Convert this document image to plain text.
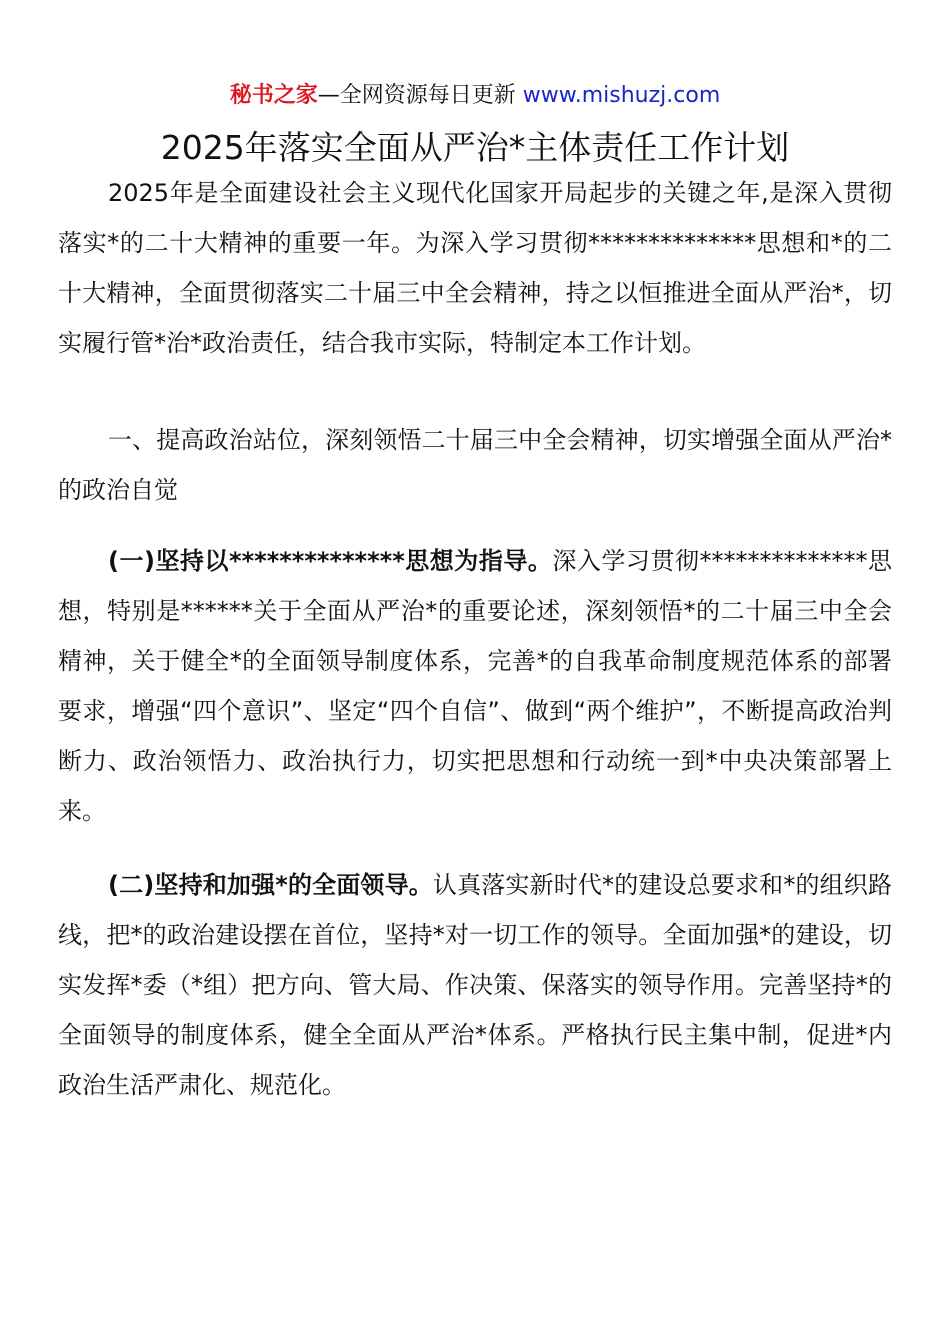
秘书之家—全网资源每日更新 www.mishuzj.com
2025年落实全面从严治*主体责任工作计划

2025年是全面建设社会主义现代化国家开局起步的关键之年,是深入贯彻落实*的二十大精神的重要一年。为深入学习贯彻**************思想和*的二十大精神，全面贯彻落实二十届三中全会精神，持之以恒推进全面从严治*，切实履行管*治*政治责任，结合我市实际，特制定本工作计划。

一、提高政治站位，深刻领悟二十届三中全会精神，切实增强全面从严治*的政治自觉

(一)坚持以**************思想为指导。深入学习贯彻**************思想，特别是******关于全面从严治*的重要论述，深刻领悟*的二十届三中全会精神，关于健全*的全面领导制度体系，完善*的自我革命制度规范体系的部署要求，增强“四个意识”、坚定“四个自信”、做到“两个维护”，不断提高政治判断力、政治领悟力、政治执行力，切实把思想和行动统一到*中央决策部署上来。

(二)坚持和加强*的全面领导。认真落实新时代*的建设总要求和*的组织路线，把*的政治建设摆在首位，坚持*对一切工作的领导。全面加强*的建设，切实发挥*委（*组）把方向、管大局、作决策、保落实的领导作用。完善坚持*的全面领导的制度体系，健全全面从严治*体系。严格执行民主集中制，促进*内政治生活严肃化、规范化。
